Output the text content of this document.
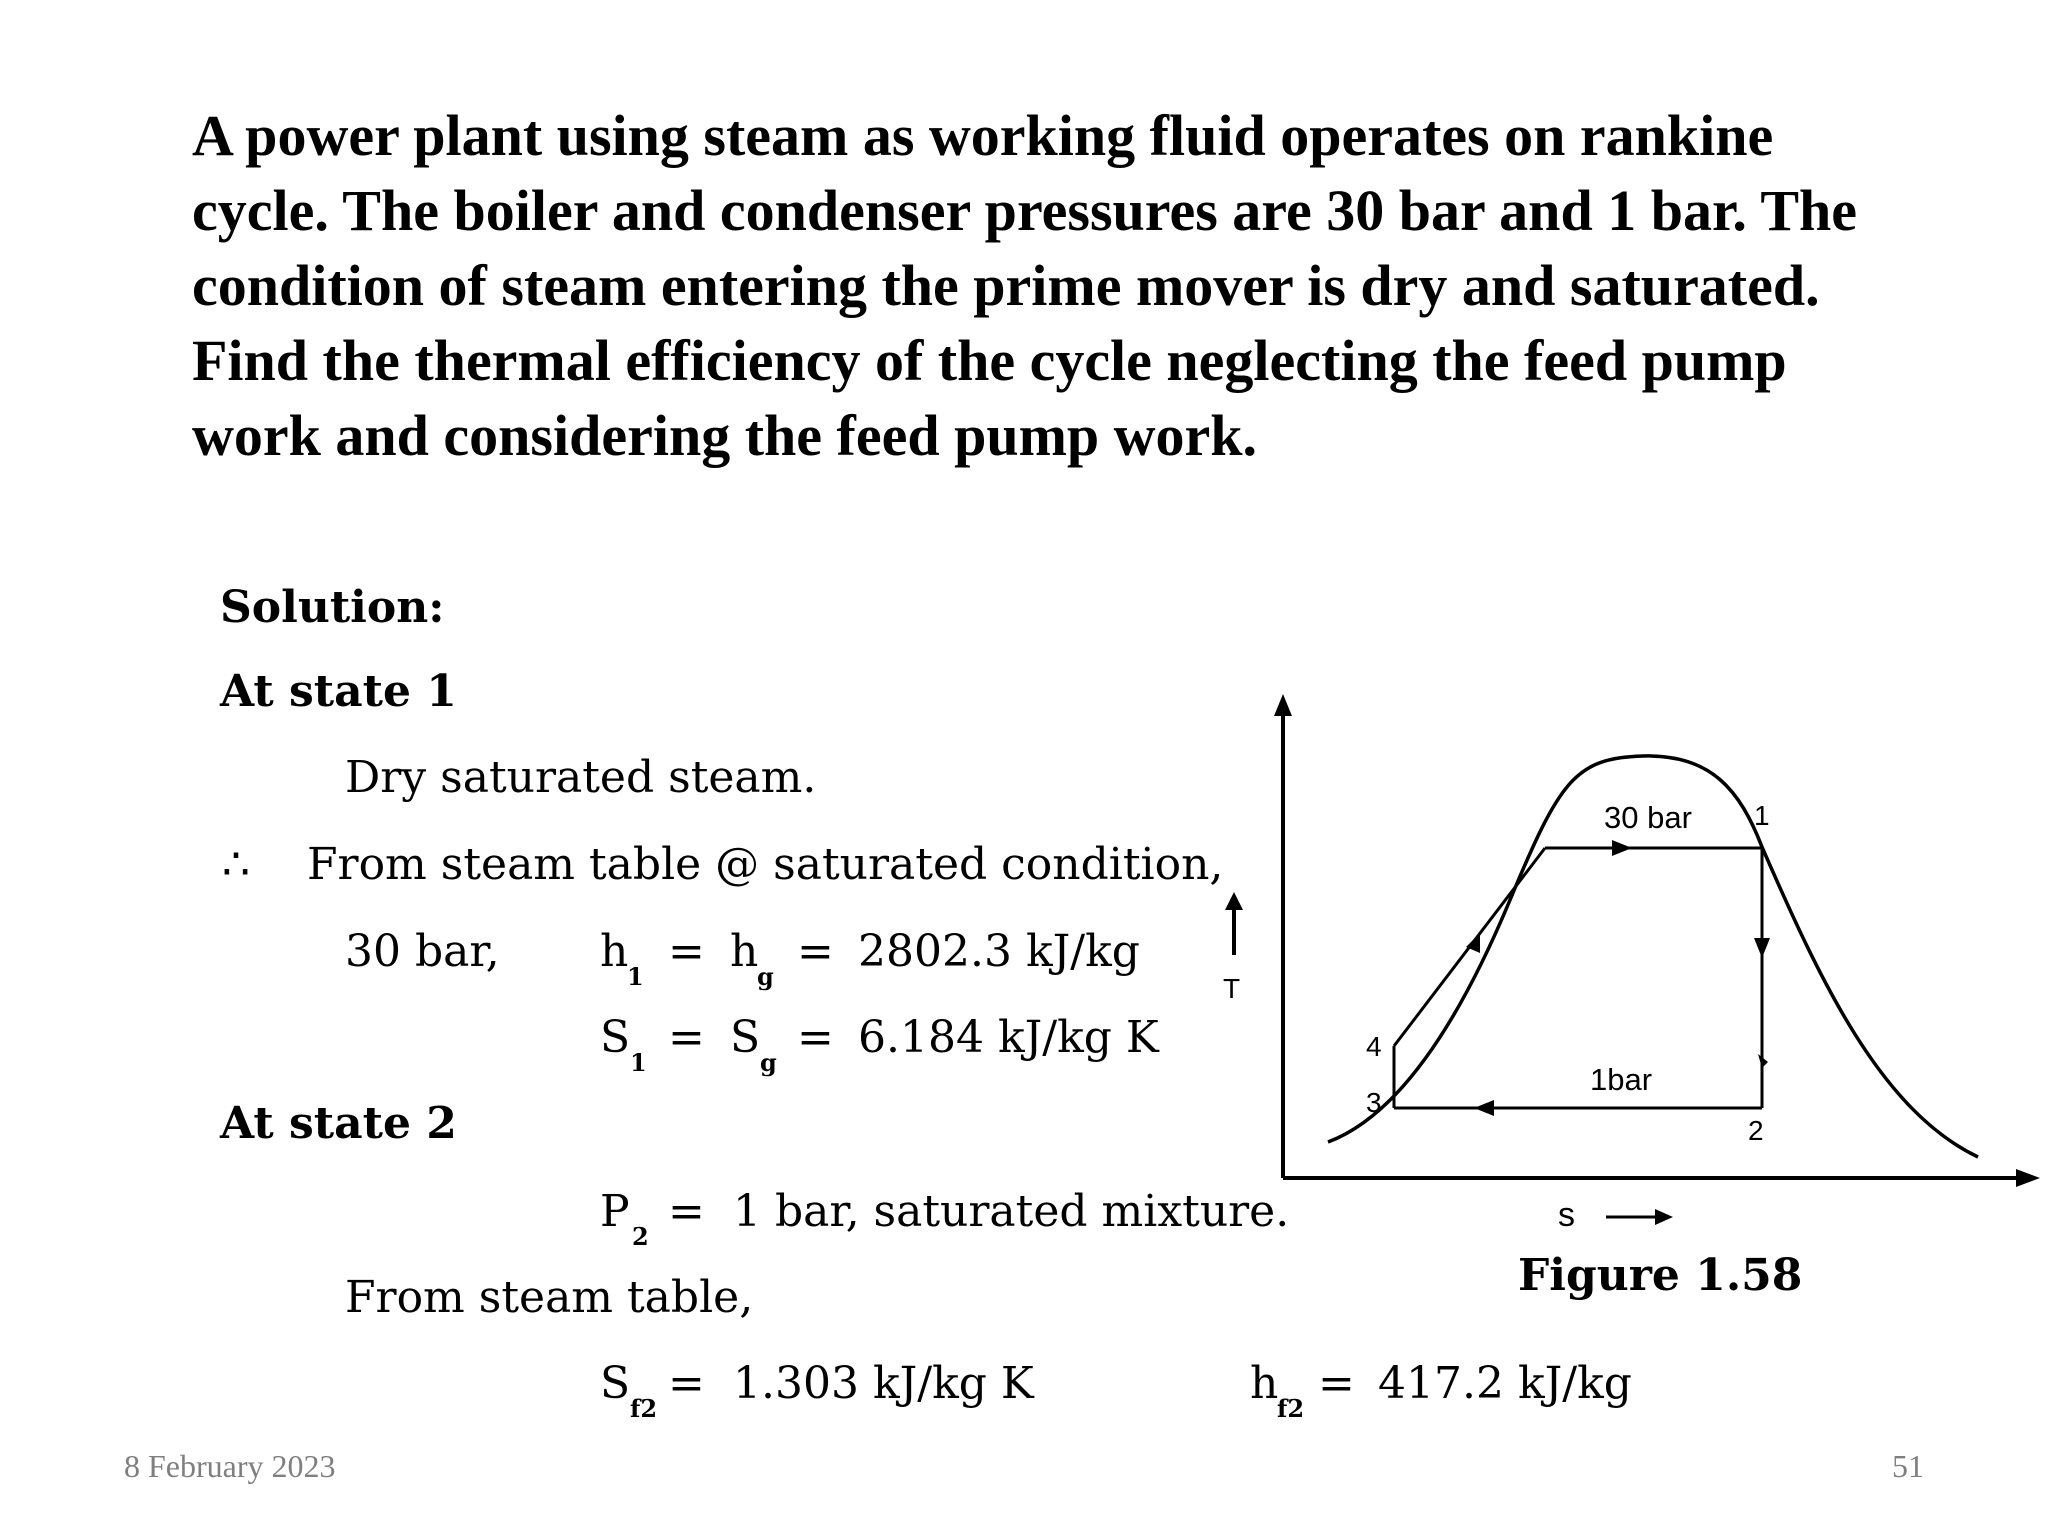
A power plant using steam as working fluid operates on rankine cycle. The boiler and condenser pressures are 30 bar and 1 bar. The condition of steam entering the prime mover is dry and saturated. Find the thermal efficiency of the cycle neglecting the feed pump work and considering the feed pump work.

Solution:
At state 1
Dry saturated steam.
∴ From steam table @ saturated condition,
30 bar, h
1 = h
g = 2802.3 kJ/kg
S 1 = S g = 6.184 kJ/kg K
At state 2
P 2 = 1 bar, saturated mixture.
From steam table,
S f2 = 1.303 kJ/kg K	h
f2 = 417.2 kJ/kg
30 bar 1
1bar
2
3
4
T
s
Figure 1.58
8 February 2023	51
